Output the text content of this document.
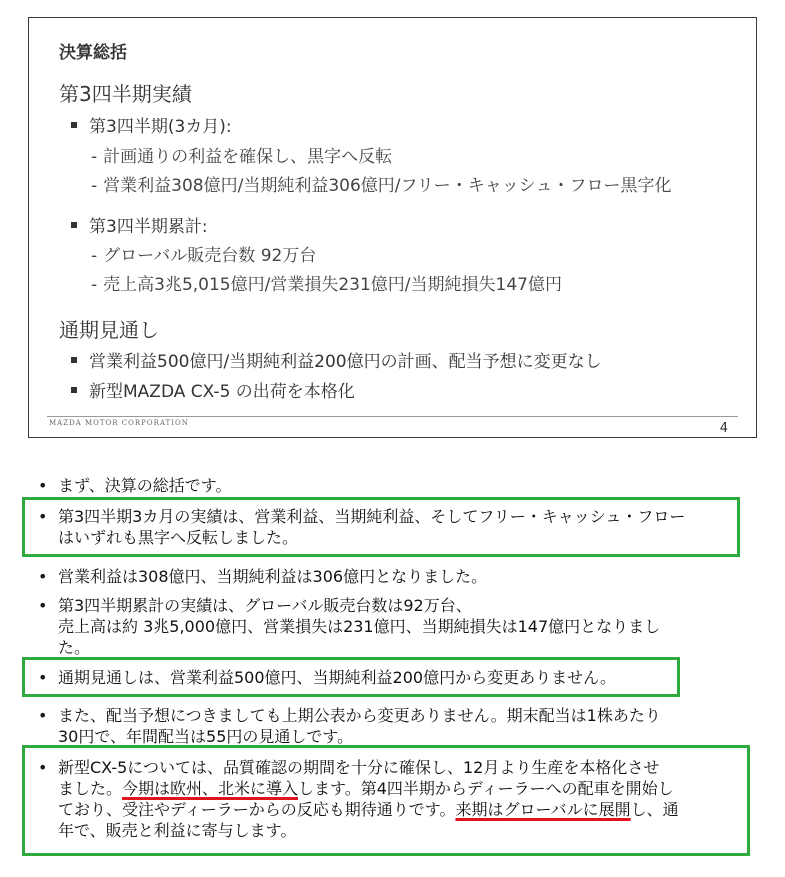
決算総括
第3四半期実績
第3四半期(3カ月):
- 計画通りの利益を確保し、黒字へ反転
- 営業利益308億円/当期純利益306億円/フリー・キャッシュ・フロー黒字化
第3四半期累計:
- グローバル販売台数 92万台
- 売上高3兆5,015億円/営業損失231億円/当期純損失147億円
通期見通し
営業利益500億円/当期純利益200億円の計画、配当予想に変更なし
新型MAZDA CX-5 の出荷を本格化
MAZDA MOTOR CORPORATION	4
• まず、決算の総括です。
• 第3四半期3カ月の実績は、営業利益、当期純利益、そしてフリー・キャッシュ・フロー
はいずれも黒字へ反転しました。
• 営業利益は308億円、当期純利益は306億円となりました。
• 第3四半期累計の実績は、グローバル販売台数は92万台、
売上高は約 3兆5,000億円、営業損失は231億円、当期純損失は147億円となりまし
た。
• 通期見通しは、営業利益500億円、当期純利益200億円から変更ありません。
• また、配当予想につきましても上期公表から変更ありません。期末配当は1株あたり
30円で、年間配当は55円の見通しです。
• 新型CX-5については、品質確認の期間を十分に確保し、12月より生産を本格化させ
ました。今期は欧州、北米に導入します。第4四半期からディーラーへの配車を開始し
ており、受注やディーラーからの反応も期待通りです。来期はグローバルに展開し、通
年で、販売と利益に寄与します。
